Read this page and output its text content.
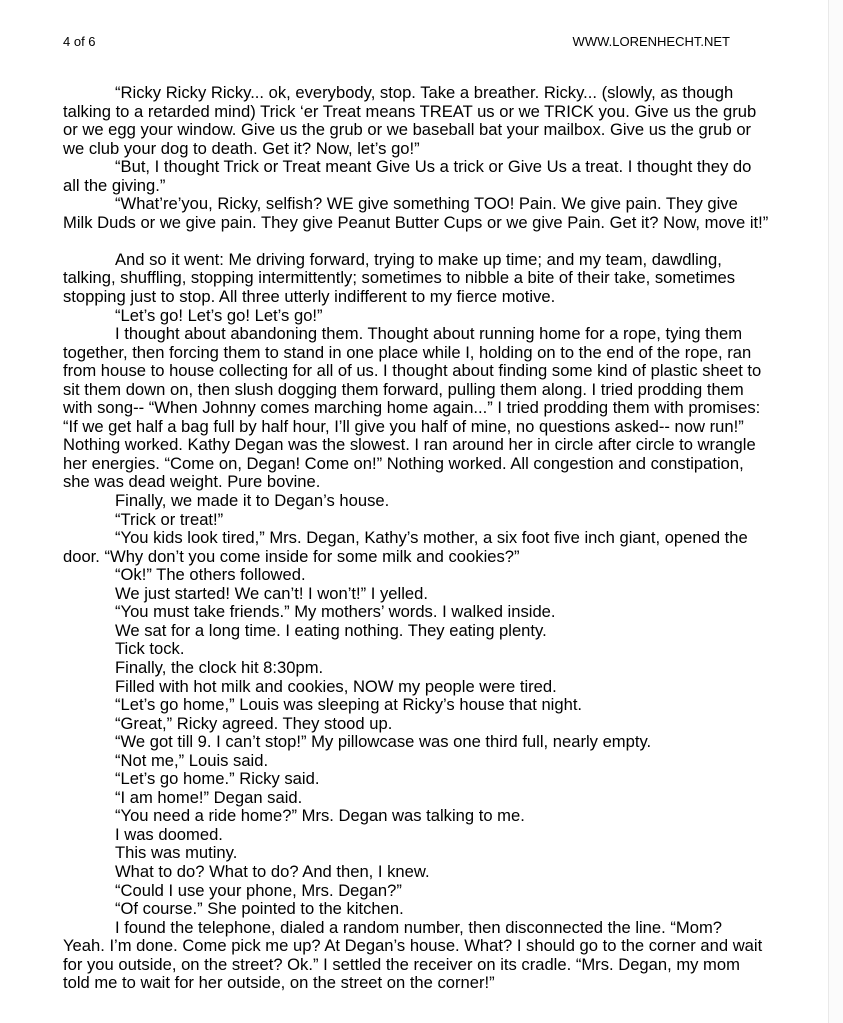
4 of 6	WWW.LORENHECHT.NET
“Ricky Ricky Ricky... ok, everybody, stop. Take a breather. Ricky... (slowly, as though
talking to a retarded mind) Trick ‘er Treat means TREAT us or we TRICK you. Give us the grub
or we egg your window. Give us the grub or we baseball bat your mailbox. Give us the grub or
we club your dog to death. Get it? Now, let’s go!”
“But, I thought Trick or Treat meant Give Us a trick or Give Us a treat. I thought they do
all the giving.”
“What’re’you, Ricky, selfish? WE give something TOO! Pain. We give pain. They give
Milk Duds or we give pain. They give Peanut Butter Cups or we give Pain. Get it? Now, move it!”
And so it went: Me driving forward, trying to make up time; and my team, dawdling,
talking, shuffling, stopping intermittently; sometimes to nibble a bite of their take, sometimes
stopping just to stop. All three utterly indifferent to my fierce motive.
“Let’s go! Let’s go! Let’s go!”
I thought about abandoning them. Thought about running home for a rope, tying them
together, then forcing them to stand in one place while I, holding on to the end of the rope, ran
from house to house collecting for all of us. I thought about finding some kind of plastic sheet to
sit them down on, then slush dogging them forward, pulling them along. I tried prodding them
with song-- “When Johnny comes marching home again...” I tried prodding them with promises:
“If we get half a bag full by half hour, I’ll give you half of mine, no questions asked-- now run!”
Nothing worked. Kathy Degan was the slowest. I ran around her in circle after circle to wrangle
her energies. “Come on, Degan! Come on!” Nothing worked. All congestion and constipation,
she was dead weight. Pure bovine.
Finally, we made it to Degan’s house.
“Trick or treat!”
“You kids look tired,” Mrs. Degan, Kathy’s mother, a six foot five inch giant, opened the
door. “Why don’t you come inside for some milk and cookies?”
“Ok!” The others followed.
We just started! We can’t! I won’t!” I yelled.
“You must take friends.” My mothers’ words. I walked inside.
We sat for a long time. I eating nothing. They eating plenty.
Tick tock.
Finally, the clock hit 8:30pm.
Filled with hot milk and cookies, NOW my people were tired.
“Let’s go home,” Louis was sleeping at Ricky’s house that night.
“Great,” Ricky agreed. They stood up.
“We got till 9. I can’t stop!” My pillowcase was one third full, nearly empty.
“Not me,” Louis said.
“Let’s go home.” Ricky said.
“I am home!” Degan said.
“You need a ride home?” Mrs. Degan was talking to me.
I was doomed.
This was mutiny.
What to do? What to do? And then, I knew.
“Could I use your phone, Mrs. Degan?”
“Of course.” She pointed to the kitchen.
I found the telephone, dialed a random number, then disconnected the line. “Mom?
Yeah. I’m done. Come pick me up? At Degan’s house. What? I should go to the corner and wait
for you outside, on the street? Ok.” I settled the receiver on its cradle. “Mrs. Degan, my mom
told me to wait for her outside, on the street on the corner!”
